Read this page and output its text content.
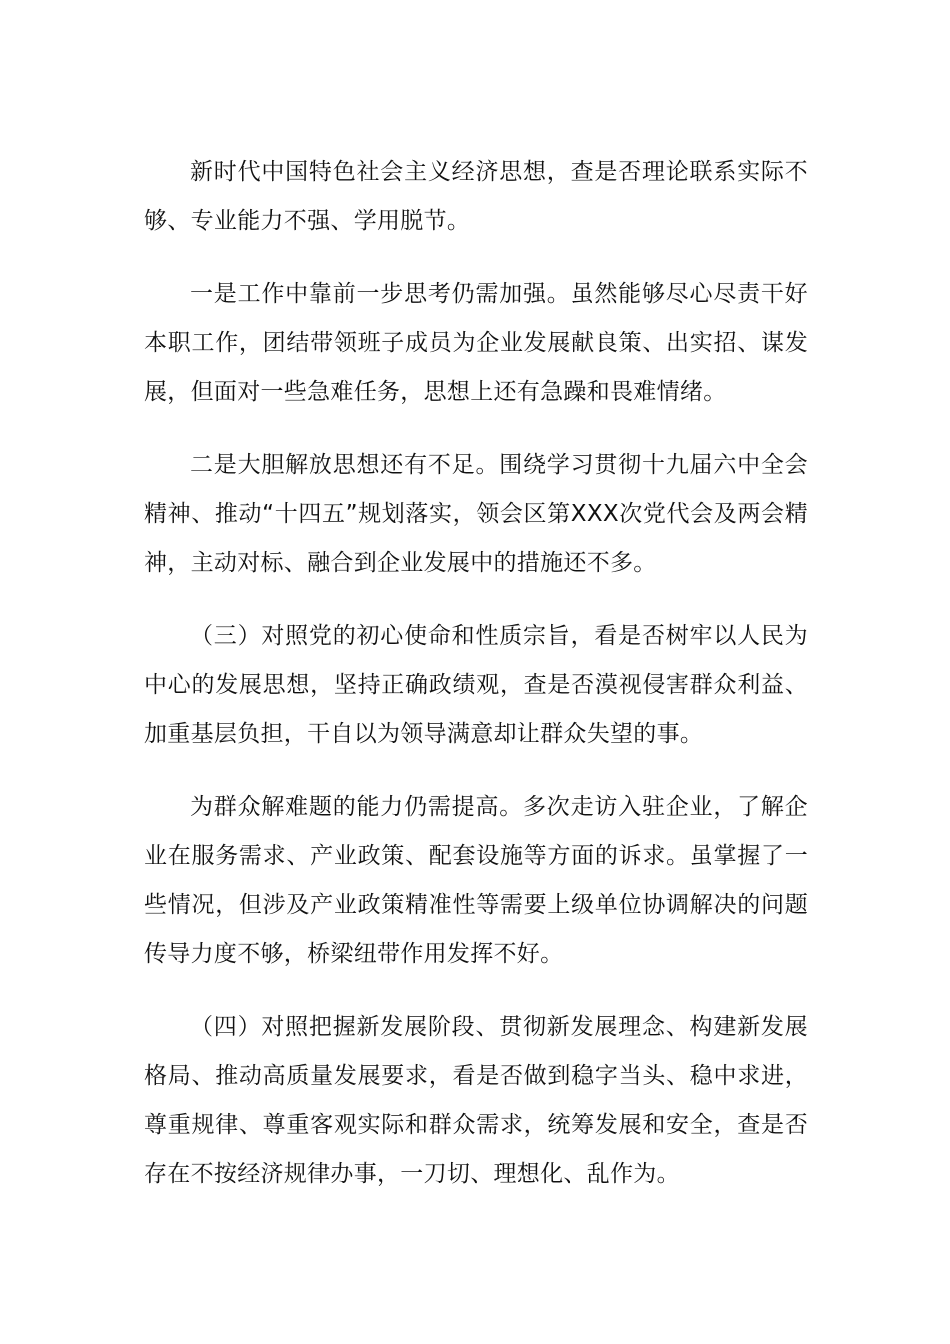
新时代中国特色社会主义经济思想，查是否理论联系实际不够、专业能力不强、学用脱节。

一是工作中靠前一步思考仍需加强。虽然能够尽心尽责干好本职工作，团结带领班子成员为企业发展献良策、出实招、谋发展，但面对一些急难任务，思想上还有急躁和畏难情绪。

二是大胆解放思想还有不足。围绕学习贯彻十九届六中全会精神、推动“十四五”规划落实，领会区第XXX次党代会及两会精神，主动对标、融合到企业发展中的措施还不多。

（三）对照党的初心使命和性质宗旨，看是否树牢以人民为中心的发展思想，坚持正确政绩观，查是否漠视侵害群众利益、加重基层负担，干自以为领导满意却让群众失望的事。

为群众解难题的能力仍需提高。多次走访入驻企业，了解企业在服务需求、产业政策、配套设施等方面的诉求。虽掌握了一些情况，但涉及产业政策精准性等需要上级单位协调解决的问题传导力度不够，桥梁纽带作用发挥不好。

（四）对照把握新发展阶段、贯彻新发展理念、构建新发展格局、推动高质量发展要求，看是否做到稳字当头、稳中求进，尊重规律、尊重客观实际和群众需求，统筹发展和安全，查是否存在不按经济规律办事，一刀切、理想化、乱作为。
